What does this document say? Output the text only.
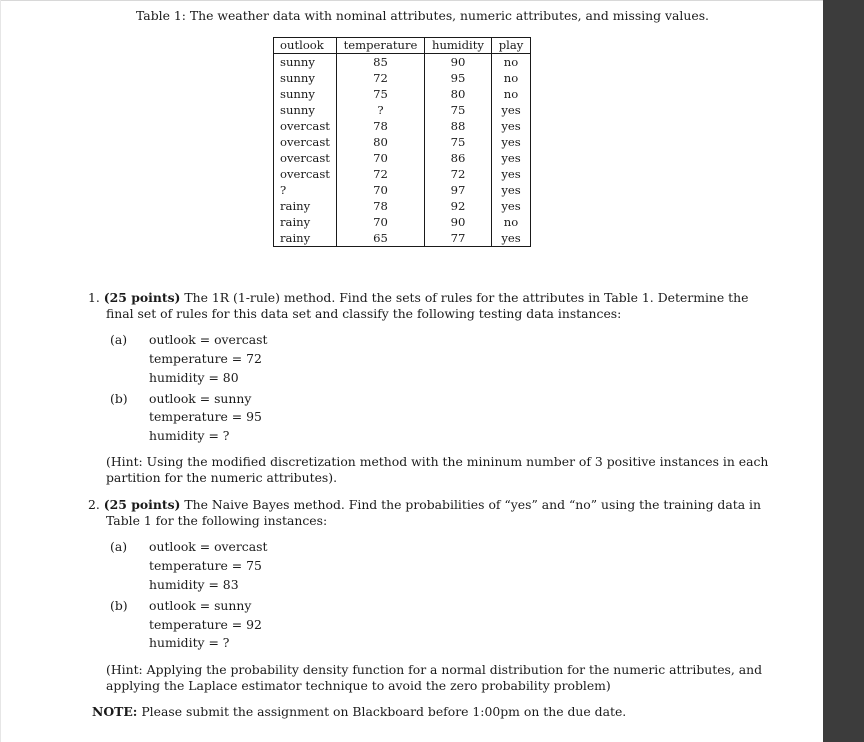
Table 1: The weather data with nominal attributes, numeric attributes, and missing values.
outlook	temperature	humidity	play
sunny	85	90	no
sunny	72	95	no
sunny	75	80	no
sunny	?	75	yes
overcast	78	88	yes
overcast	80	75	yes
overcast	70	86	yes
overcast	72	72	yes
?	70	97	yes
rainy	78	92	yes
rainy	70	90	no
rainy	65	77	yes
1. (25 points) The 1R (1-rule) method. Find the sets of rules for the attributes in Table 1. Determine the
final set of rules for this data set and classify the following testing data instances:
(a) outlook = overcast
temperature = 72
humidity = 80
(b) outlook = sunny
temperature = 95
humidity = ?
(Hint: Using the modified discretization method with the mininum number of 3 positive instances in each
partition for the numeric attributes).
2. (25 points) The Naive Bayes method. Find the probabilities of “yes” and “no” using the training data in
Table 1 for the following instances:
(a) outlook = overcast
temperature = 75
humidity = 83
(b) outlook = sunny
temperature = 92
humidity = ?
(Hint: Applying the probability density function for a normal distribution for the numeric attributes, and
applying the Laplace estimator technique to avoid the zero probability problem)
NOTE: Please submit the assignment on Blackboard before 1:00pm on the due date.
